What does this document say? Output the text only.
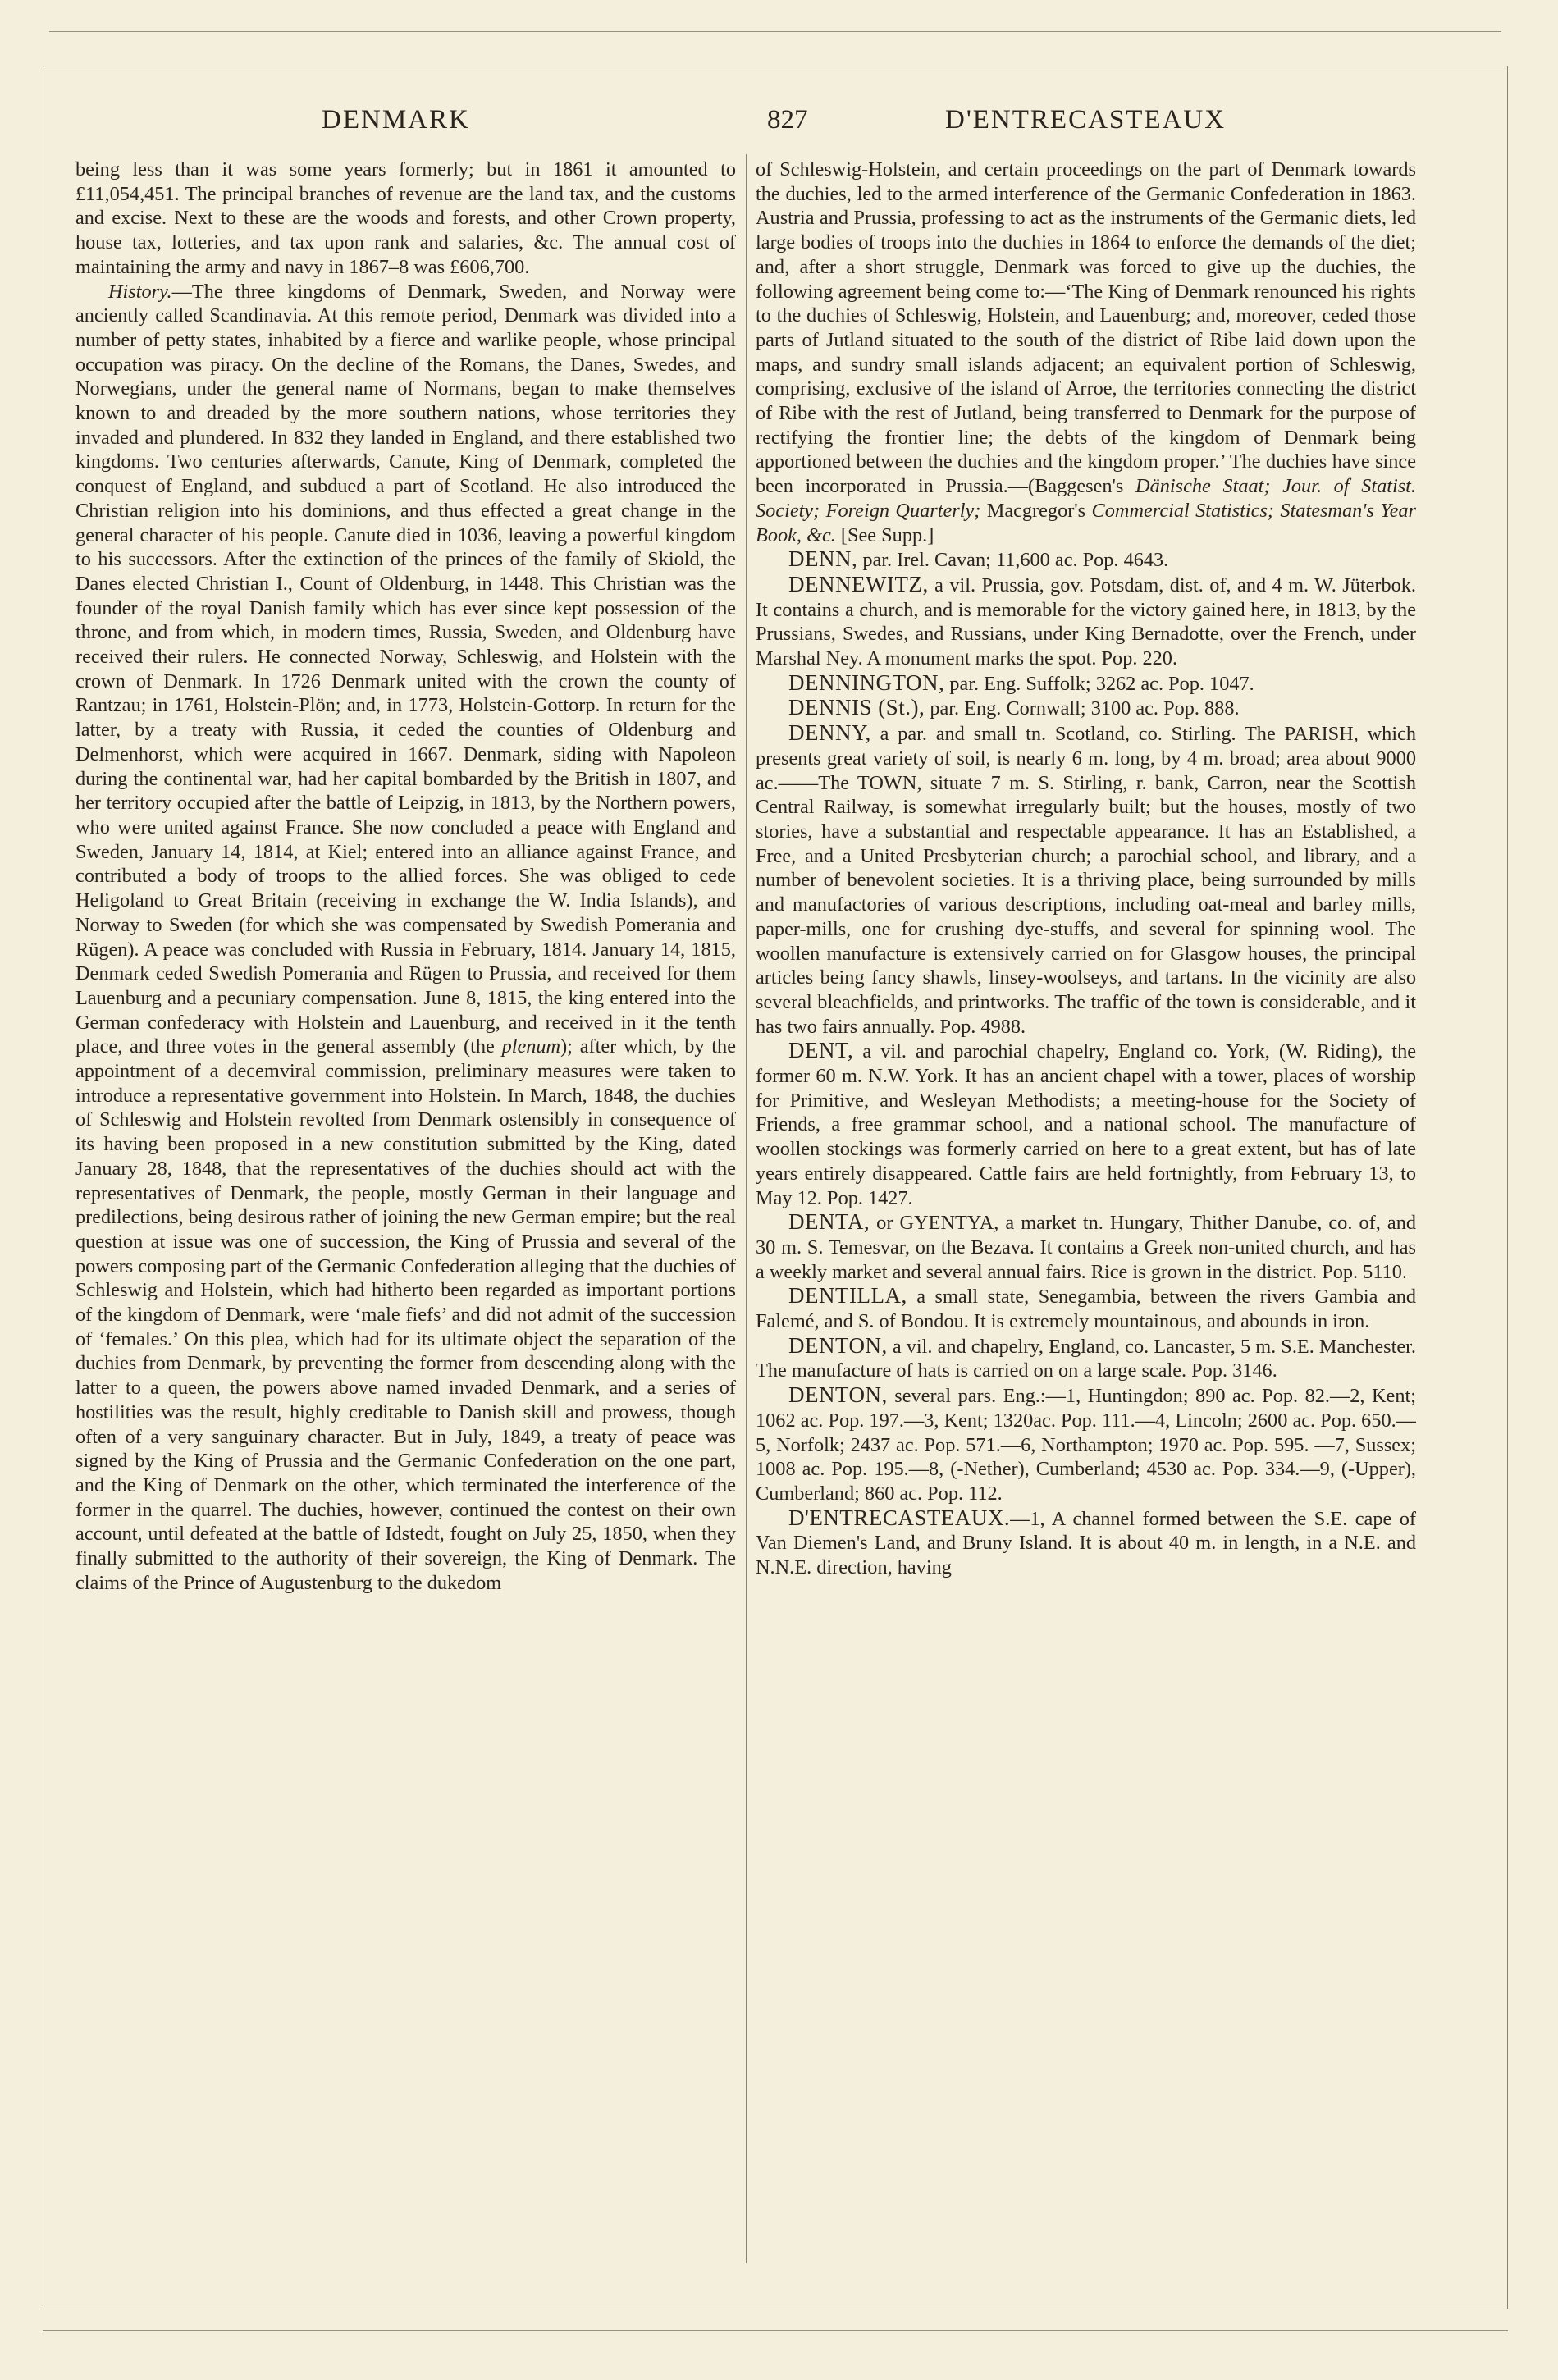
DENMARK	827	D'ENTRECASTEAUX

being less than it was some years formerly; but in 1861 it amounted to £11,054,451. The principal branches of revenue are the land tax, and the customs and excise. Next to these are the woods and forests, and other Crown property, house tax, lotteries, and tax upon rank and salaries, &c. The annual cost of maintaining the army and navy in 1867–8 was £606,700.

History.—The three kingdoms of Denmark, Sweden, and Norway were anciently called Scandinavia. At this remote period, Denmark was divided into a number of petty states, inhabited by a fierce and warlike people, whose principal occupation was piracy. On the decline of the Romans, the Danes, Swedes, and Norwegians, under the general name of Normans, began to make themselves known to and dreaded by the more southern nations, whose territories they invaded and plundered. In 832 they landed in England, and there established two kingdoms. Two centuries afterwards, Canute, King of Denmark, completed the conquest of England, and subdued a part of Scotland. He also introduced the Christian religion into his dominions, and thus effected a great change in the general character of his people. Canute died in 1036, leaving a powerful kingdom to his successors. After the extinction of the princes of the family of Skiold, the Danes elected Christian I., Count of Oldenburg, in 1448. This Christian was the founder of the royal Danish family which has ever since kept possession of the throne, and from which, in modern times, Russia, Sweden, and Oldenburg have received their rulers. He connected Norway, Schleswig, and Holstein with the crown of Denmark. In 1726 Denmark united with the crown the county of Rantzau; in 1761, Holstein-Plön; and, in 1773, Holstein-Gottorp. In return for the latter, by a treaty with Russia, it ceded the counties of Oldenburg and Delmenhorst, which were acquired in 1667. Denmark, siding with Napoleon during the continental war, had her capital bombarded by the British in 1807, and her territory occupied after the battle of Leipzig, in 1813, by the Northern powers, who were united against France. She now concluded a peace with England and Sweden, January 14, 1814, at Kiel; entered into an alliance against France, and contributed a body of troops to the allied forces. She was obliged to cede Heligoland to Great Britain (receiving in exchange the W. India Islands), and Norway to Sweden (for which she was compensated by Swedish Pomerania and Rügen). A peace was concluded with Russia in February, 1814. January 14, 1815, Denmark ceded Swedish Pomerania and Rügen to Prussia, and received for them Lauenburg and a pecuniary compensation. June 8, 1815, the king entered into the German confederacy with Holstein and Lauenburg, and received in it the tenth place, and three votes in the general assembly (the plenum); after which, by the appointment of a decemviral commission, preliminary measures were taken to introduce a representative government into Holstein. In March, 1848, the duchies of Schleswig and Holstein revolted from Denmark ostensibly in consequence of its having been proposed in a new constitution submitted by the King, dated January 28, 1848, that the representatives of the duchies should act with the representatives of Denmark, the people, mostly German in their language and predilections, being desirous rather of joining the new German empire; but the real question at issue was one of succession, the King of Prussia and several of the powers composing part of the Germanic Confederation alleging that the duchies of Schleswig and Holstein, which had hitherto been regarded as important portions of the kingdom of Denmark, were ‘male fiefs’ and did not admit of the succession of ‘females.’ On this plea, which had for its ultimate object the separation of the duchies from Denmark, by preventing the former from descending along with the latter to a queen, the powers above named invaded Denmark, and a series of hostilities was the result, highly creditable to Danish skill and prowess, though often of a very sanguinary character. But in July, 1849, a treaty of peace was signed by the King of Prussia and the Germanic Confederation on the one part, and the King of Denmark on the other, which terminated the interference of the former in the quarrel. The duchies, however, continued the contest on their own account, until defeated at the battle of Idstedt, fought on July 25, 1850, when they finally submitted to the authority of their sovereign, the King of Denmark. The claims of the Prince of Augustenburg to the dukedom

of Schleswig-Holstein, and certain proceedings on the part of Denmark towards the duchies, led to the armed interference of the Germanic Confederation in 1863. Austria and Prussia, professing to act as the instruments of the Germanic diets, led large bodies of troops into the duchies in 1864 to enforce the demands of the diet; and, after a short struggle, Denmark was forced to give up the duchies, the following agreement being come to:—‘The King of Denmark renounced his rights to the duchies of Schleswig, Holstein, and Lauenburg; and, moreover, ceded those parts of Jutland situated to the south of the district of Ribe laid down upon the maps, and sundry small islands adjacent; an equivalent portion of Schleswig, comprising, exclusive of the island of Arroe, the territories connecting the district of Ribe with the rest of Jutland, being transferred to Denmark for the purpose of rectifying the frontier line; the debts of the kingdom of Denmark being apportioned between the duchies and the kingdom proper.’ The duchies have since been incorporated in Prussia.—(Baggesen's Dänische Staat; Jour. of Statist. Society; Foreign Quarterly; Macgregor's Commercial Statistics; Statesman's Year Book, &c. [See Supp.]

DENN, par. Irel. Cavan; 11,600 ac. Pop. 4643.

DENNEWITZ, a vil. Prussia, gov. Potsdam, dist. of, and 4 m. W. Jüterbok. It contains a church, and is memorable for the victory gained here, in 1813, by the Prussians, Swedes, and Russians, under King Bernadotte, over the French, under Marshal Ney. A monument marks the spot. Pop. 220.

DENNINGTON, par. Eng. Suffolk; 3262 ac. Pop. 1047.

DENNIS (St.), par. Eng. Cornwall; 3100 ac. Pop. 888.

DENNY, a par. and small tn. Scotland, co. Stirling. The PARISH, which presents great variety of soil, is nearly 6 m. long, by 4 m. broad; area about 9000 ac.——The TOWN, situate 7 m. S. Stirling, r. bank, Carron, near the Scottish Central Railway, is somewhat irregularly built; but the houses, mostly of two stories, have a substantial and respectable appearance. It has an Established, a Free, and a United Presbyterian church; a parochial school, and library, and a number of benevolent societies. It is a thriving place, being surrounded by mills and manufactories of various descriptions, including oat-meal and barley mills, paper-mills, one for crushing dye-stuffs, and several for spinning wool. The woollen manufacture is extensively carried on for Glasgow houses, the principal articles being fancy shawls, linsey-woolseys, and tartans. In the vicinity are also several bleachfields, and printworks. The traffic of the town is considerable, and it has two fairs annually. Pop. 4988.

DENT, a vil. and parochial chapelry, England co. York, (W. Riding), the former 60 m. N.W. York. It has an ancient chapel with a tower, places of worship for Primitive, and Wesleyan Methodists; a meeting-house for the Society of Friends, a free grammar school, and a national school. The manufacture of woollen stockings was formerly carried on here to a great extent, but has of late years entirely disappeared. Cattle fairs are held fortnightly, from February 13, to May 12. Pop. 1427.

DENTA, or GYENTYA, a market tn. Hungary, Thither Danube, co. of, and 30 m. S. Temesvar, on the Bezava. It contains a Greek non-united church, and has a weekly market and several annual fairs. Rice is grown in the district. Pop. 5110.

DENTILLA, a small state, Senegambia, between the rivers Gambia and Falemé, and S. of Bondou. It is extremely mountainous, and abounds in iron.

DENTON, a vil. and chapelry, England, co. Lancaster, 5 m. S.E. Manchester. The manufacture of hats is carried on on a large scale. Pop. 3146.

DENTON, several pars. Eng.:—1, Huntingdon; 890 ac. Pop. 82.—2, Kent; 1062 ac. Pop. 197.—3, Kent; 1320ac. Pop. 111.—4, Lincoln; 2600 ac. Pop. 650.—5, Norfolk; 2437 ac. Pop. 571.—6, Northampton; 1970 ac. Pop. 595. —7, Sussex; 1008 ac. Pop. 195.—8, (-Nether), Cumberland; 4530 ac. Pop. 334.—9, (-Upper), Cumberland; 860 ac. Pop. 112.

D'ENTRECASTEAUX.—1, A channel formed between the S.E. cape of Van Diemen's Land, and Bruny Island. It is about 40 m. in length, in a N.E. and N.N.E. direction, having
